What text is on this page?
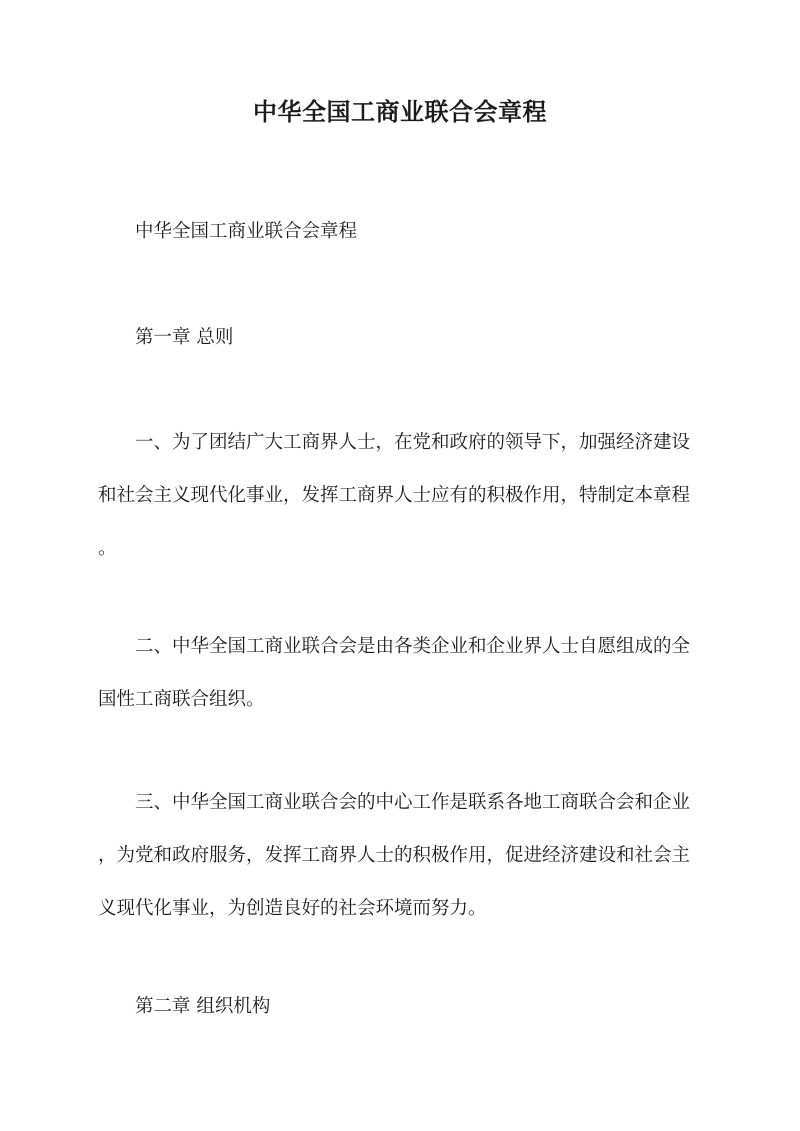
中华全国工商业联合会章程

中华全国工商业联合会章程

第一章 总则

一、为了团结广大工商界人士，在党和政府的领导下，加强经济建设
和社会主义现代化事业，发挥工商界人士应有的积极作用，特制定本章程
。

二、中华全国工商业联合会是由各类企业和企业界人士自愿组成的全
国性工商联合组织。

三、中华全国工商业联合会的中心工作是联系各地工商联合会和企业
，为党和政府服务，发挥工商界人士的积极作用，促进经济建设和社会主
义现代化事业，为创造良好的社会环境而努力。

第二章 组织机构
